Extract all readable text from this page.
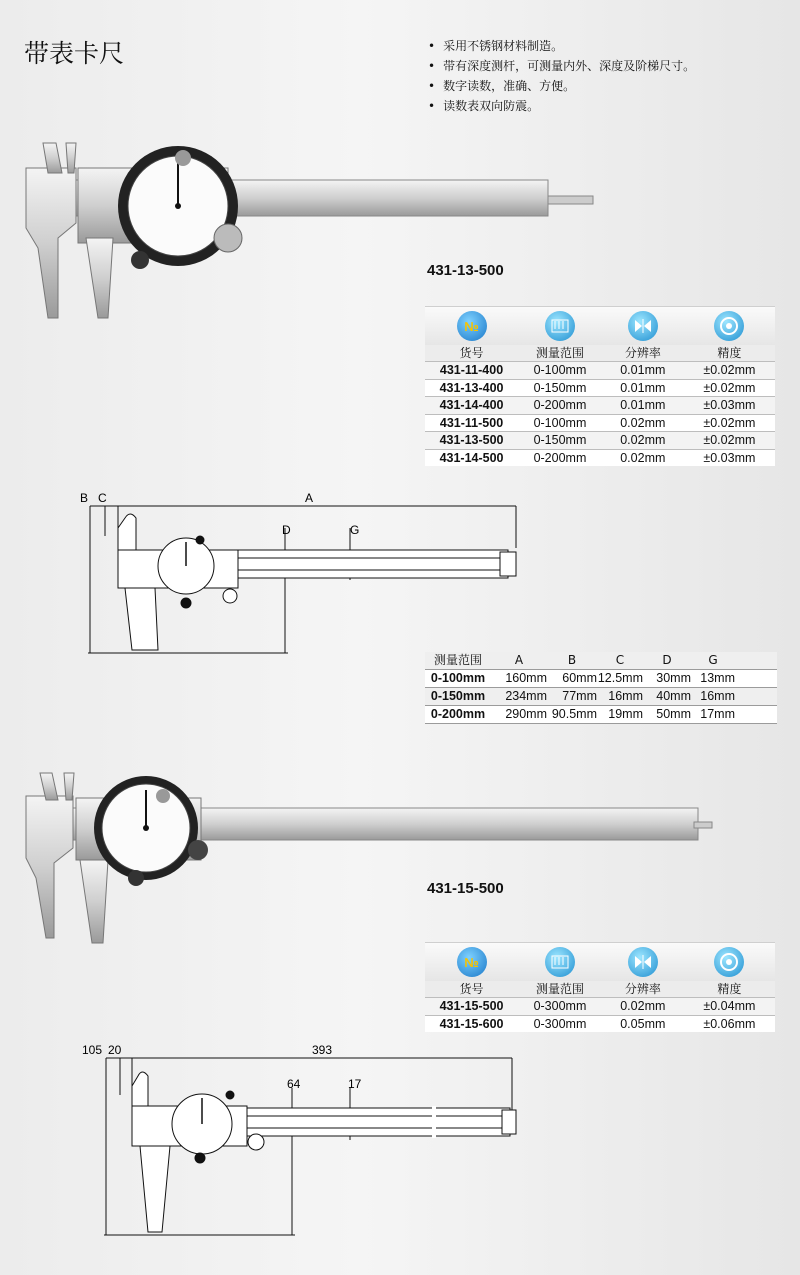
带表卡尺
•	采用不锈钢材料制造。
• 带有深度测杆，可测量内外、深度及阶梯尺寸。
• 数字读数，准确、方便。
• 读数表双向防震。
431-13-500
№
货号	测量范围	分辨率	精度
431-11-400	0-100mm	0.01mm	±0.02mm
431-13-400	0-150mm	0.01mm	±0.02mm
431-14-400	0-200mm	0.01mm	±0.03mm
431-11-500	0-100mm	0.02mm	±0.02mm
431-13-500	0-150mm	0.02mm	±0.02mm
431-14-500	0-200mm	0.02mm	±0.03mm
B C	A
D	G
测量范围	A	B	C	D	G
0-100mm	160mm	60mm 12.5mm	30mm 13mm
0-150mm	234mm	77mm 16mm	40mm 16mm
0-200mm	290mm 90.5mm 19mm	50mm 17mm
431-15-500
№
货号	测量范围	分辨率	精度
431-15-500	0-300mm	0.02mm	±0.04mm
431-15-600	0-300mm	0.05mm	±0.06mm
105 20	393
64	17
